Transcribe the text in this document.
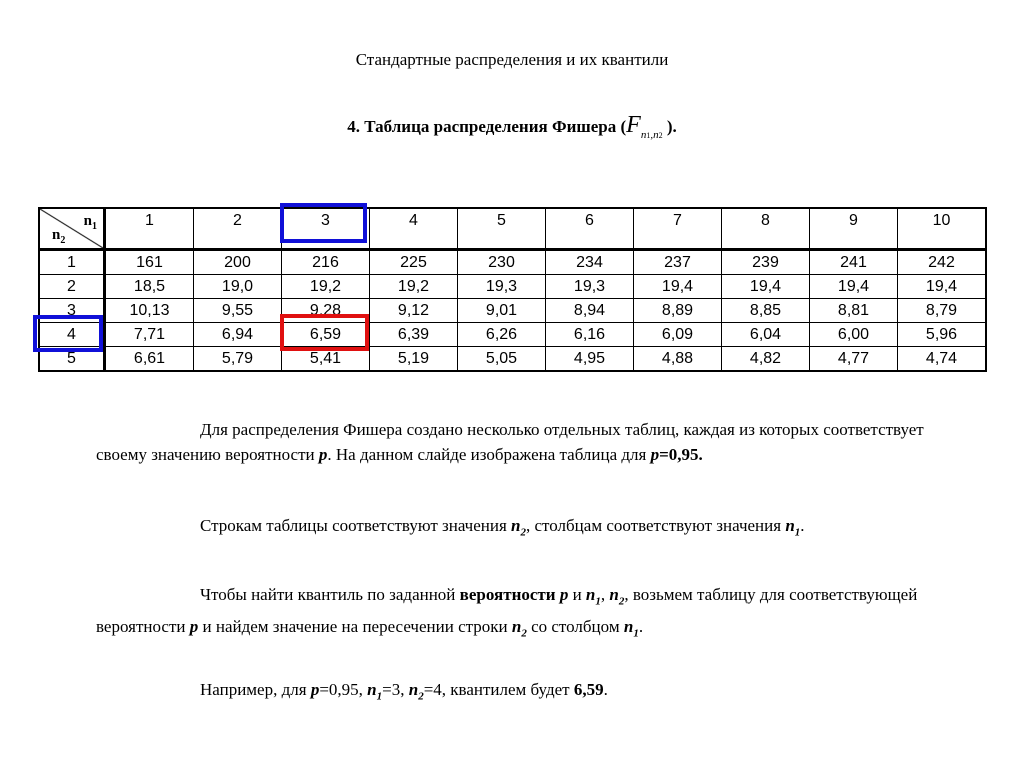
Стандартные распределения и их квантили
4. Таблица распределения Фишера ($F_{n1,n2}$ ).
$n_1$
$n_2$	1	2	3	4	5	6	7	8	9	10
1	161	200	216	225	230	234	237	239	241	242
2	18,5	19,0	19,2	19,2	19,3	19,3	19,4	19,4	19,4	19,4
3	10,13	9,55	9,28	9,12	9,01	8,94	8,89	8,85	8,81	8,79
4	7,71	6,94	6,59	6,39	6,26	6,16	6,09	6,04	6,00	5,96
5	6,61	5,79	5,41	5,19	5,05	4,95	4,88	4,82	4,77	4,74
Для распределения Фишера создано несколько отдельных таблиц, каждая из которых соответствует своему значению вероятности p. На данном слайде изображена таблица для p=0,95.
Строкам таблицы соответствуют значения $n_2$, столбцам соответствуют значения $n_1$.
Чтобы найти квантиль по заданной вероятности p и $n_1$, $n_2$, возьмем таблицу для соответствующей вероятности p и найдем значение на пересечении строки $n_2$ со столбцом $n_1$.
Например, для p=0,95, $n_1=3$, $n_2=4$, квантилем будет 6,59.
